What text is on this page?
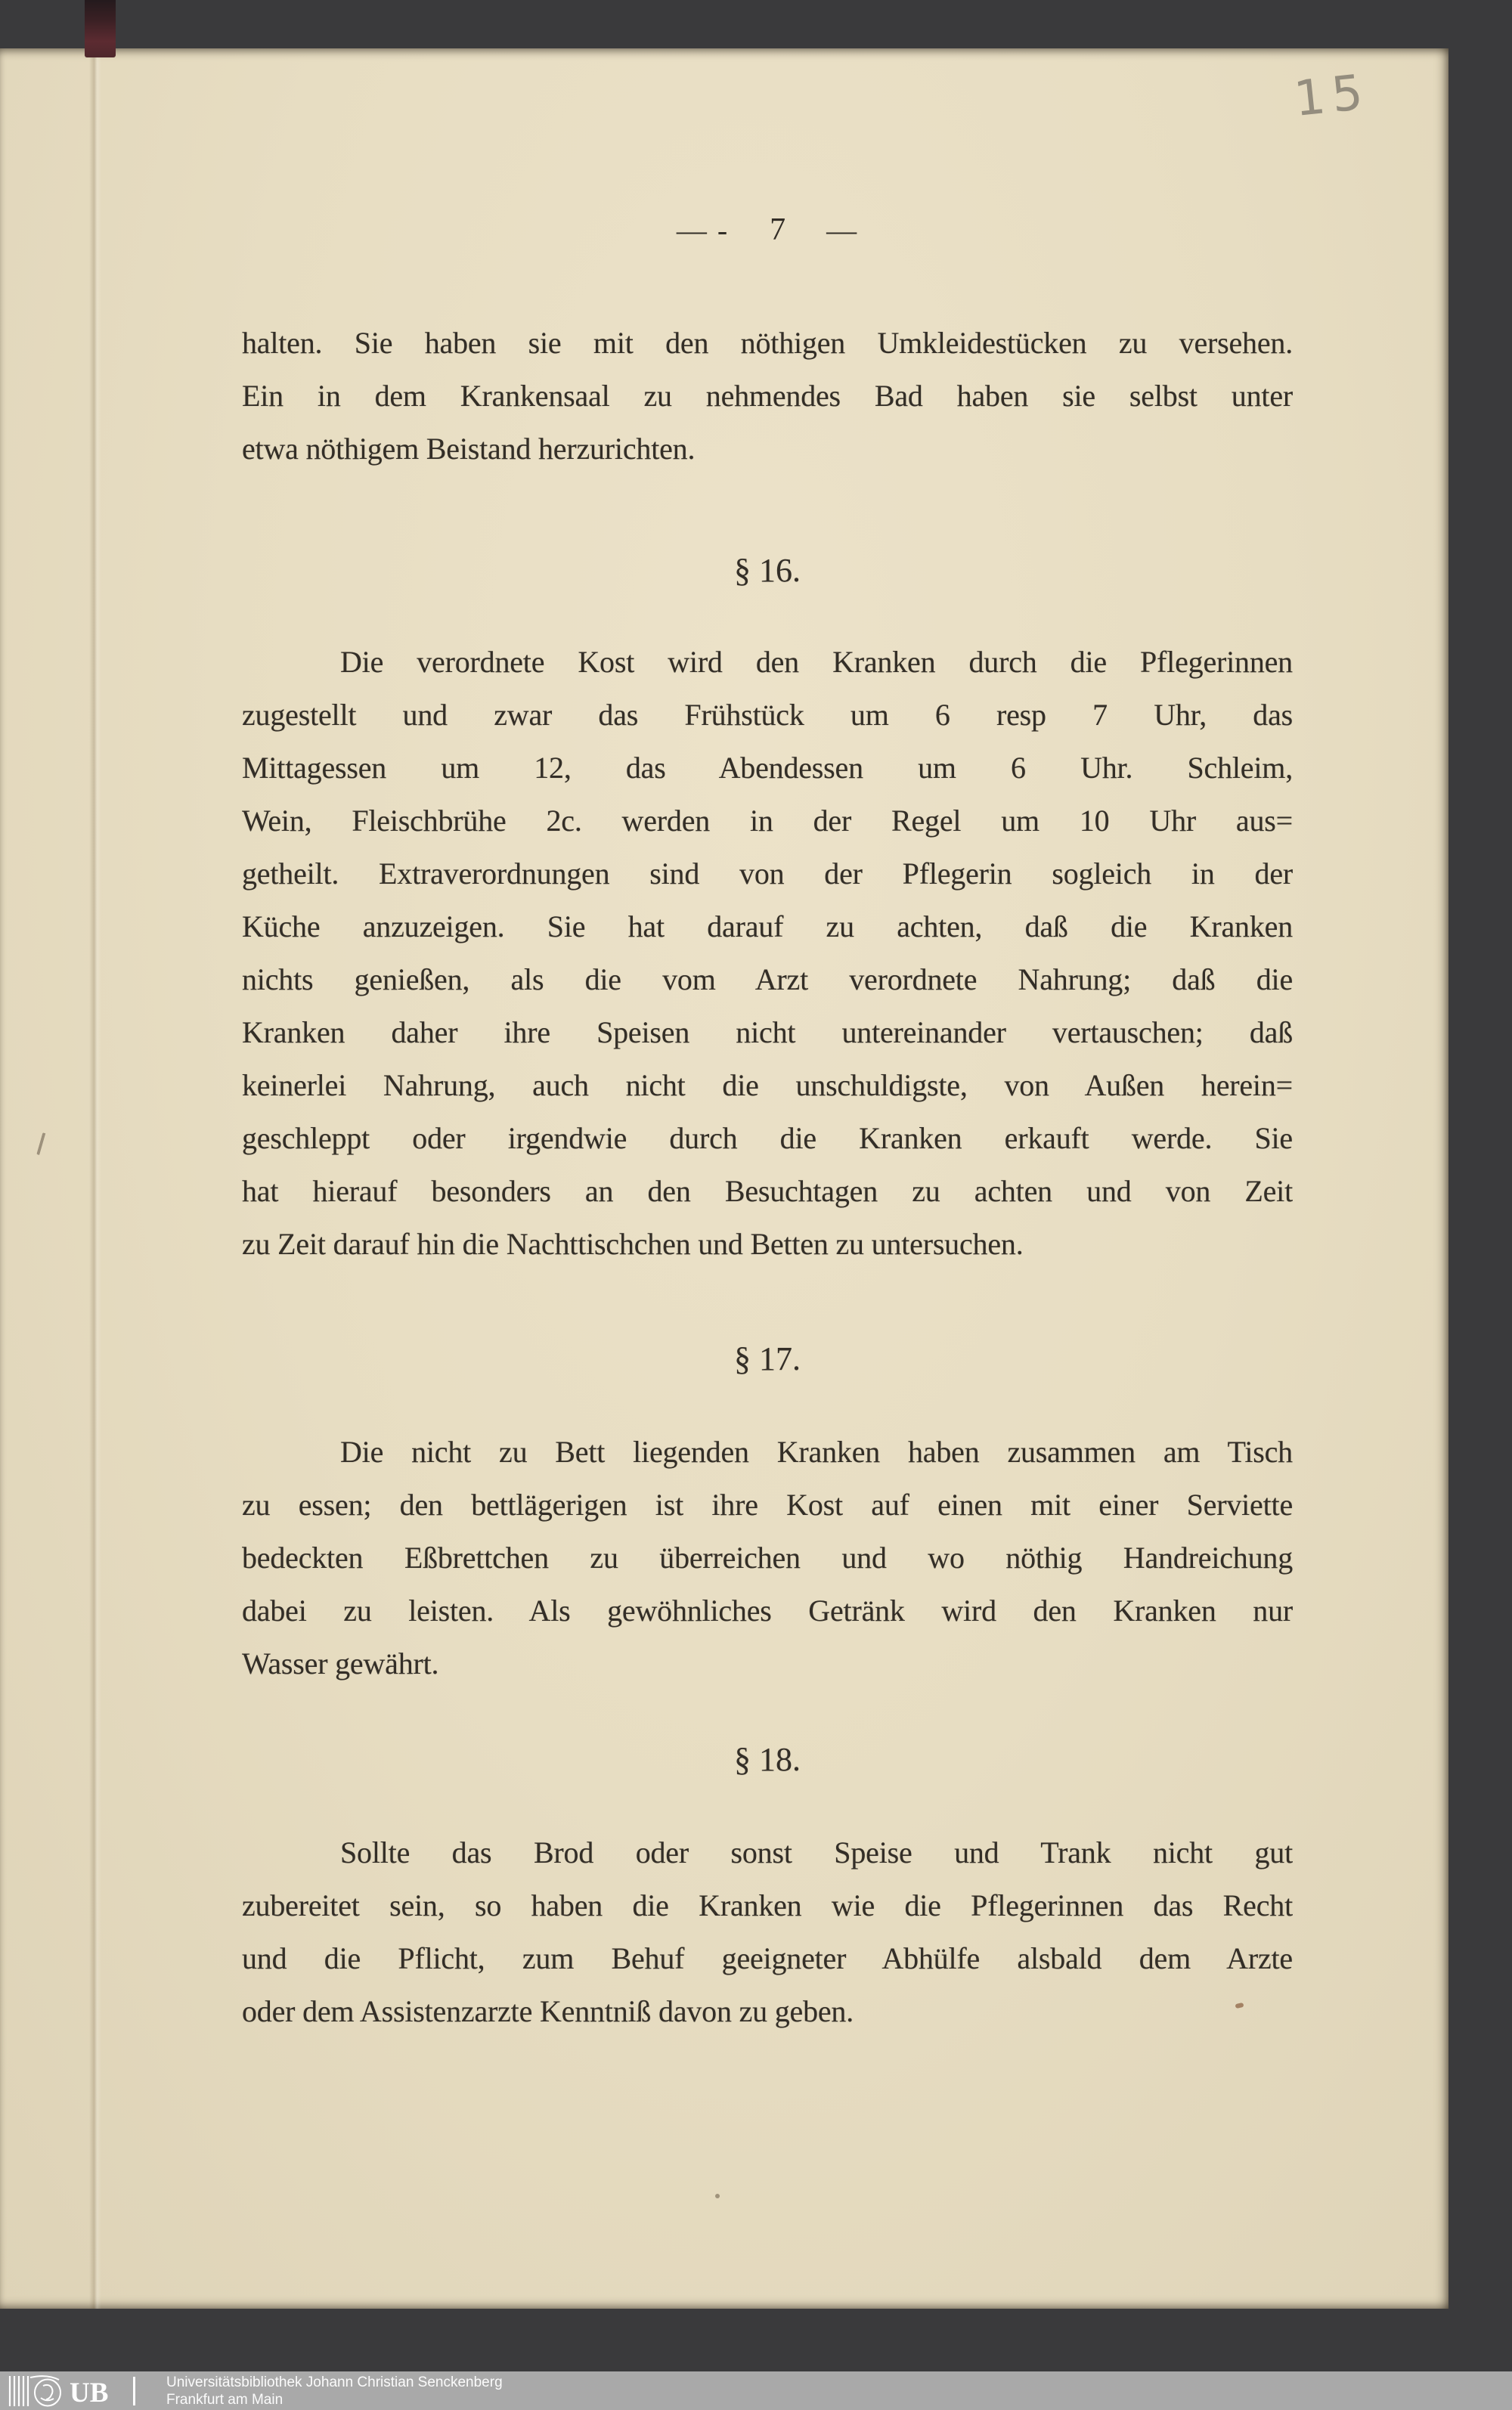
15
— - 7 —
halten. Sie haben sie mit den nöthigen Umkleidestücken zu versehen.
Ein in dem Krankensaal zu nehmendes Bad haben sie selbst unter
etwa nöthigem Beistand herzurichten.
§ 16.
Die verordnete Kost wird den Kranken durch die Pflegerinnen
zugestellt und zwar das Frühstück um 6 resp 7 Uhr, das
Mittagessen um 12, das Abendessen um 6 Uhr. Schleim,
Wein, Fleischbrühe 2c. werden in der Regel um 10 Uhr aus=
getheilt. Extraverordnungen sind von der Pflegerin sogleich in der
Küche anzuzeigen. Sie hat darauf zu achten, daß die Kranken
nichts genießen, als die vom Arzt verordnete Nahrung; daß die
Kranken daher ihre Speisen nicht untereinander vertauschen; daß
keinerlei Nahrung, auch nicht die unschuldigste, von Außen herein=
geschleppt oder irgendwie durch die Kranken erkauft werde. Sie
hat hierauf besonders an den Besuchtagen zu achten und von Zeit
zu Zeit darauf hin die Nachttischchen und Betten zu untersuchen.
§ 17.
Die nicht zu Bett liegenden Kranken haben zusammen am Tisch
zu essen; den bettlägerigen ist ihre Kost auf einen mit einer Serviette
bedeckten Eßbrettchen zu überreichen und wo nöthig Handreichung
dabei zu leisten. Als gewöhnliches Getränk wird den Kranken nur
Wasser gewährt.
§ 18.
Sollte das Brod oder sonst Speise und Trank nicht gut
zubereitet sein, so haben die Kranken wie die Pflegerinnen das Recht
und die Pflicht, zum Behuf geeigneter Abhülfe alsbald dem Arzte
oder dem Assistenzarzte Kenntniß davon zu geben.
UB	Universitätsbibliothek Johann Christian Senckenberg
Frankfurt am Main
